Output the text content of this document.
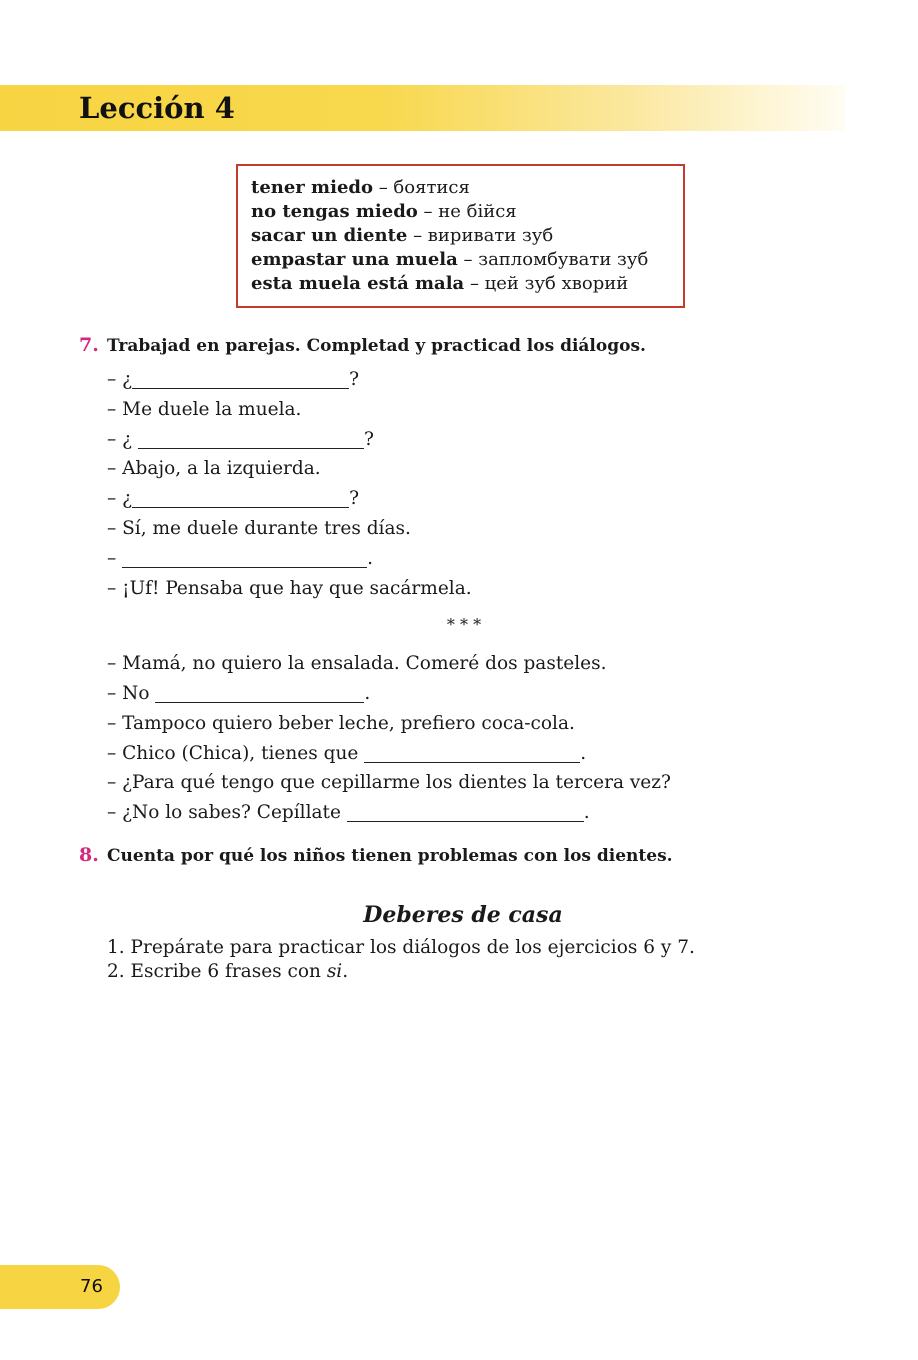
Lección 4
tener miedo – боятися
no tengas miedo – не бійся
sacar un diente – виривати зуб
empastar una muela – запломбувати зуб
esta muela está mala – цей зуб хворий
7. Trabajad en parejas. Completad y practicad los diálogos.
– ¿	?
– Me duele la muela.
– ¿	?
– Abajo, a la izquierda.
– ¿	?
– Sí, me duele durante tres días.
–	.
– ¡Uf! Pensaba que hay que sacármela.
* * *
– Mamá, no quiero la ensalada. Comeré dos pasteles.
– No	.
– Tampoco quiero beber leche, prefiero coca-cola.
– Chico (Chica), tienes que	.
– ¿Para qué tengo que cepillarme los dientes la tercera vez?
– ¿No lo sabes? Cepíllate	.
8. Cuenta por qué los niños tienen problemas con los dientes.
Deberes de casa
1. Prepárate para practicar los diálogos de los ejercicios 6 y 7.
2. Escribe 6 frases con si.
76
